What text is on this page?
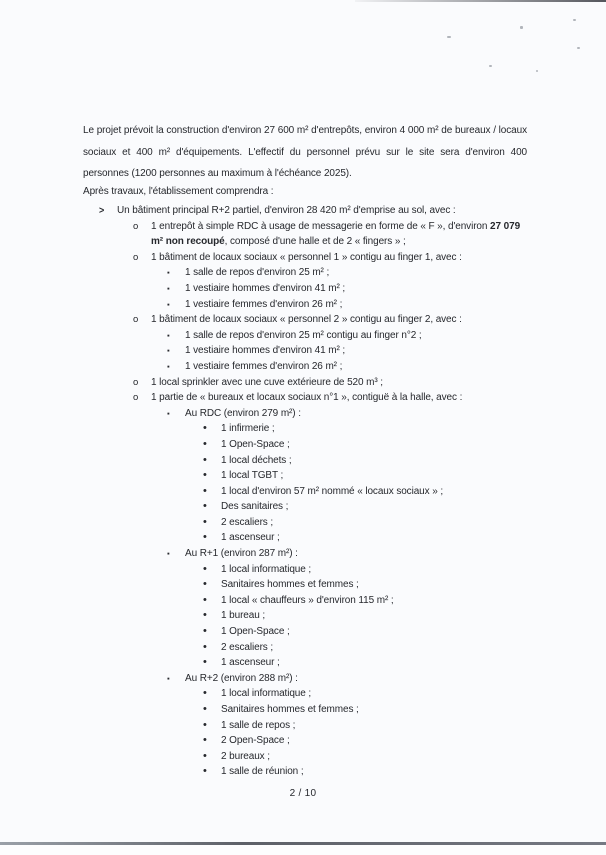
Le projet prévoit la construction d'environ 27 600 m² d'entrepôts, environ 4 000 m² de bureaux / locaux sociaux et 400 m² d'équipements. L'effectif du personnel prévu sur le site sera d'environ 400 personnes (1200 personnes au maximum à l'échéance 2025).

Après travaux, l'établissement comprendra :

>	Un bâtiment principal R+2 partiel, d'environ 28 420 m² d'emprise au sol, avec :
o	1 entrepôt à simple RDC à usage de messagerie en forme de « F », d'environ 27 079 m² non recoupé, composé d'une halle et de 2 « fingers » ;
o	1 bâtiment de locaux sociaux « personnel 1 » contigu au finger 1, avec :
▪	1 salle de repos d'environ 25 m² ;
▪	1 vestiaire hommes d'environ 41 m² ;
▪	1 vestiaire femmes d'environ 26 m² ;
o	1 bâtiment de locaux sociaux « personnel 2 » contigu au finger 2, avec :
▪	1 salle de repos d'environ 25 m² contigu au finger n°2 ;
▪	1 vestiaire hommes d'environ 41 m² ;
▪	1 vestiaire femmes d'environ 26 m² ;
o	1 local sprinkler avec une cuve extérieure de 520 m³ ;
o	1 partie de « bureaux et locaux sociaux n°1 », contiguë à la halle, avec :
▪	Au RDC (environ 279 m²) :
•	1 infirmerie ;
•	1 Open-Space ;
•	1 local déchets ;
•	1 local TGBT ;
•	1 local d'environ 57 m² nommé « locaux sociaux » ;
•	Des sanitaires ;
•	2 escaliers ;
•	1 ascenseur ;
▪	Au R+1 (environ 287 m²) :
•	1 local informatique ;
•	Sanitaires hommes et femmes ;
•	1 local « chauffeurs » d'environ 115 m² ;
•	1 bureau ;
•	1 Open-Space ;
•	2 escaliers ;
•	1 ascenseur ;
▪	Au R+2 (environ 288 m²) :
•	1 local informatique ;
•	Sanitaires hommes et femmes ;
•	1 salle de repos ;
•	2 Open-Space ;
•	2 bureaux ;
•	1 salle de réunion ;
2 / 10
